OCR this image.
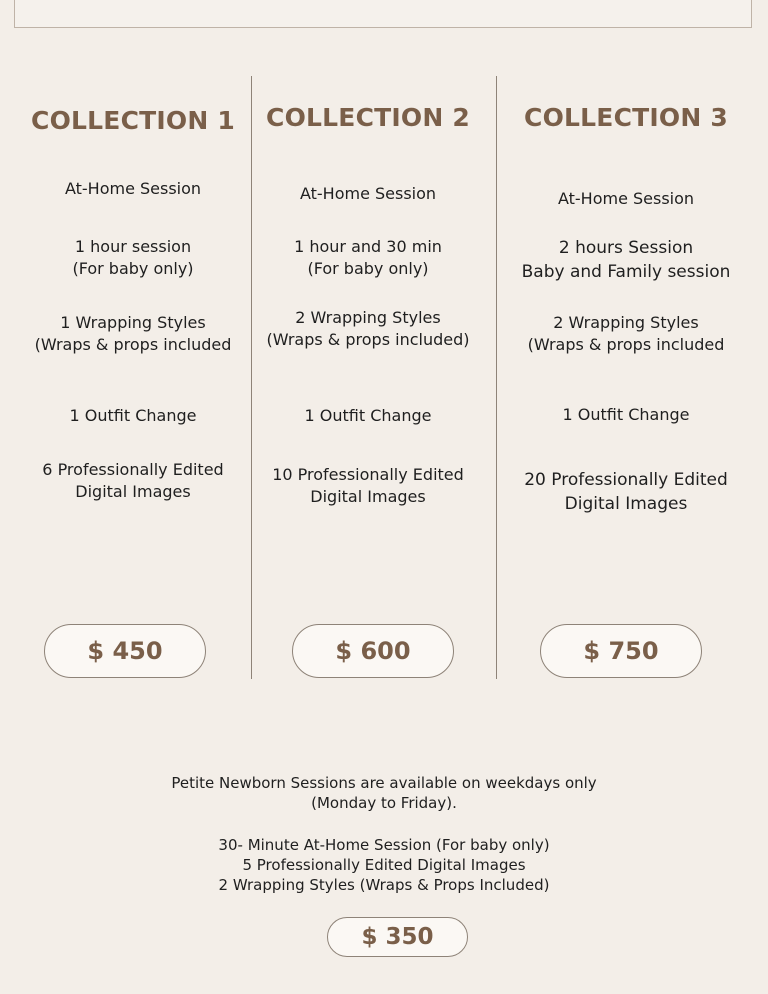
COLLECTION 1
At-Home Session
1 hour session
(For baby only)
1 Wrapping Styles
(Wraps & props included
1 Outfit Change
6 Professionally Edited
Digital Images
COLLECTION 2
At-Home Session
1 hour and 30 min
(For baby only)
2 Wrapping Styles
(Wraps & props included)
1 Outfit Change
10 Professionally Edited
Digital Images
COLLECTION 3
At-Home Session
2 hours Session
Baby and Family session
2 Wrapping Styles
(Wraps & props included
1 Outfit Change
20 Professionally Edited
Digital Images
$ 450	$ 600	$ 750
Petite Newborn Sessions are available on weekdays only
(Monday to Friday).
30- Minute At-Home Session (For baby only)
5 Professionally Edited Digital Images
2 Wrapping Styles (Wraps & Props Included)
$ 350
